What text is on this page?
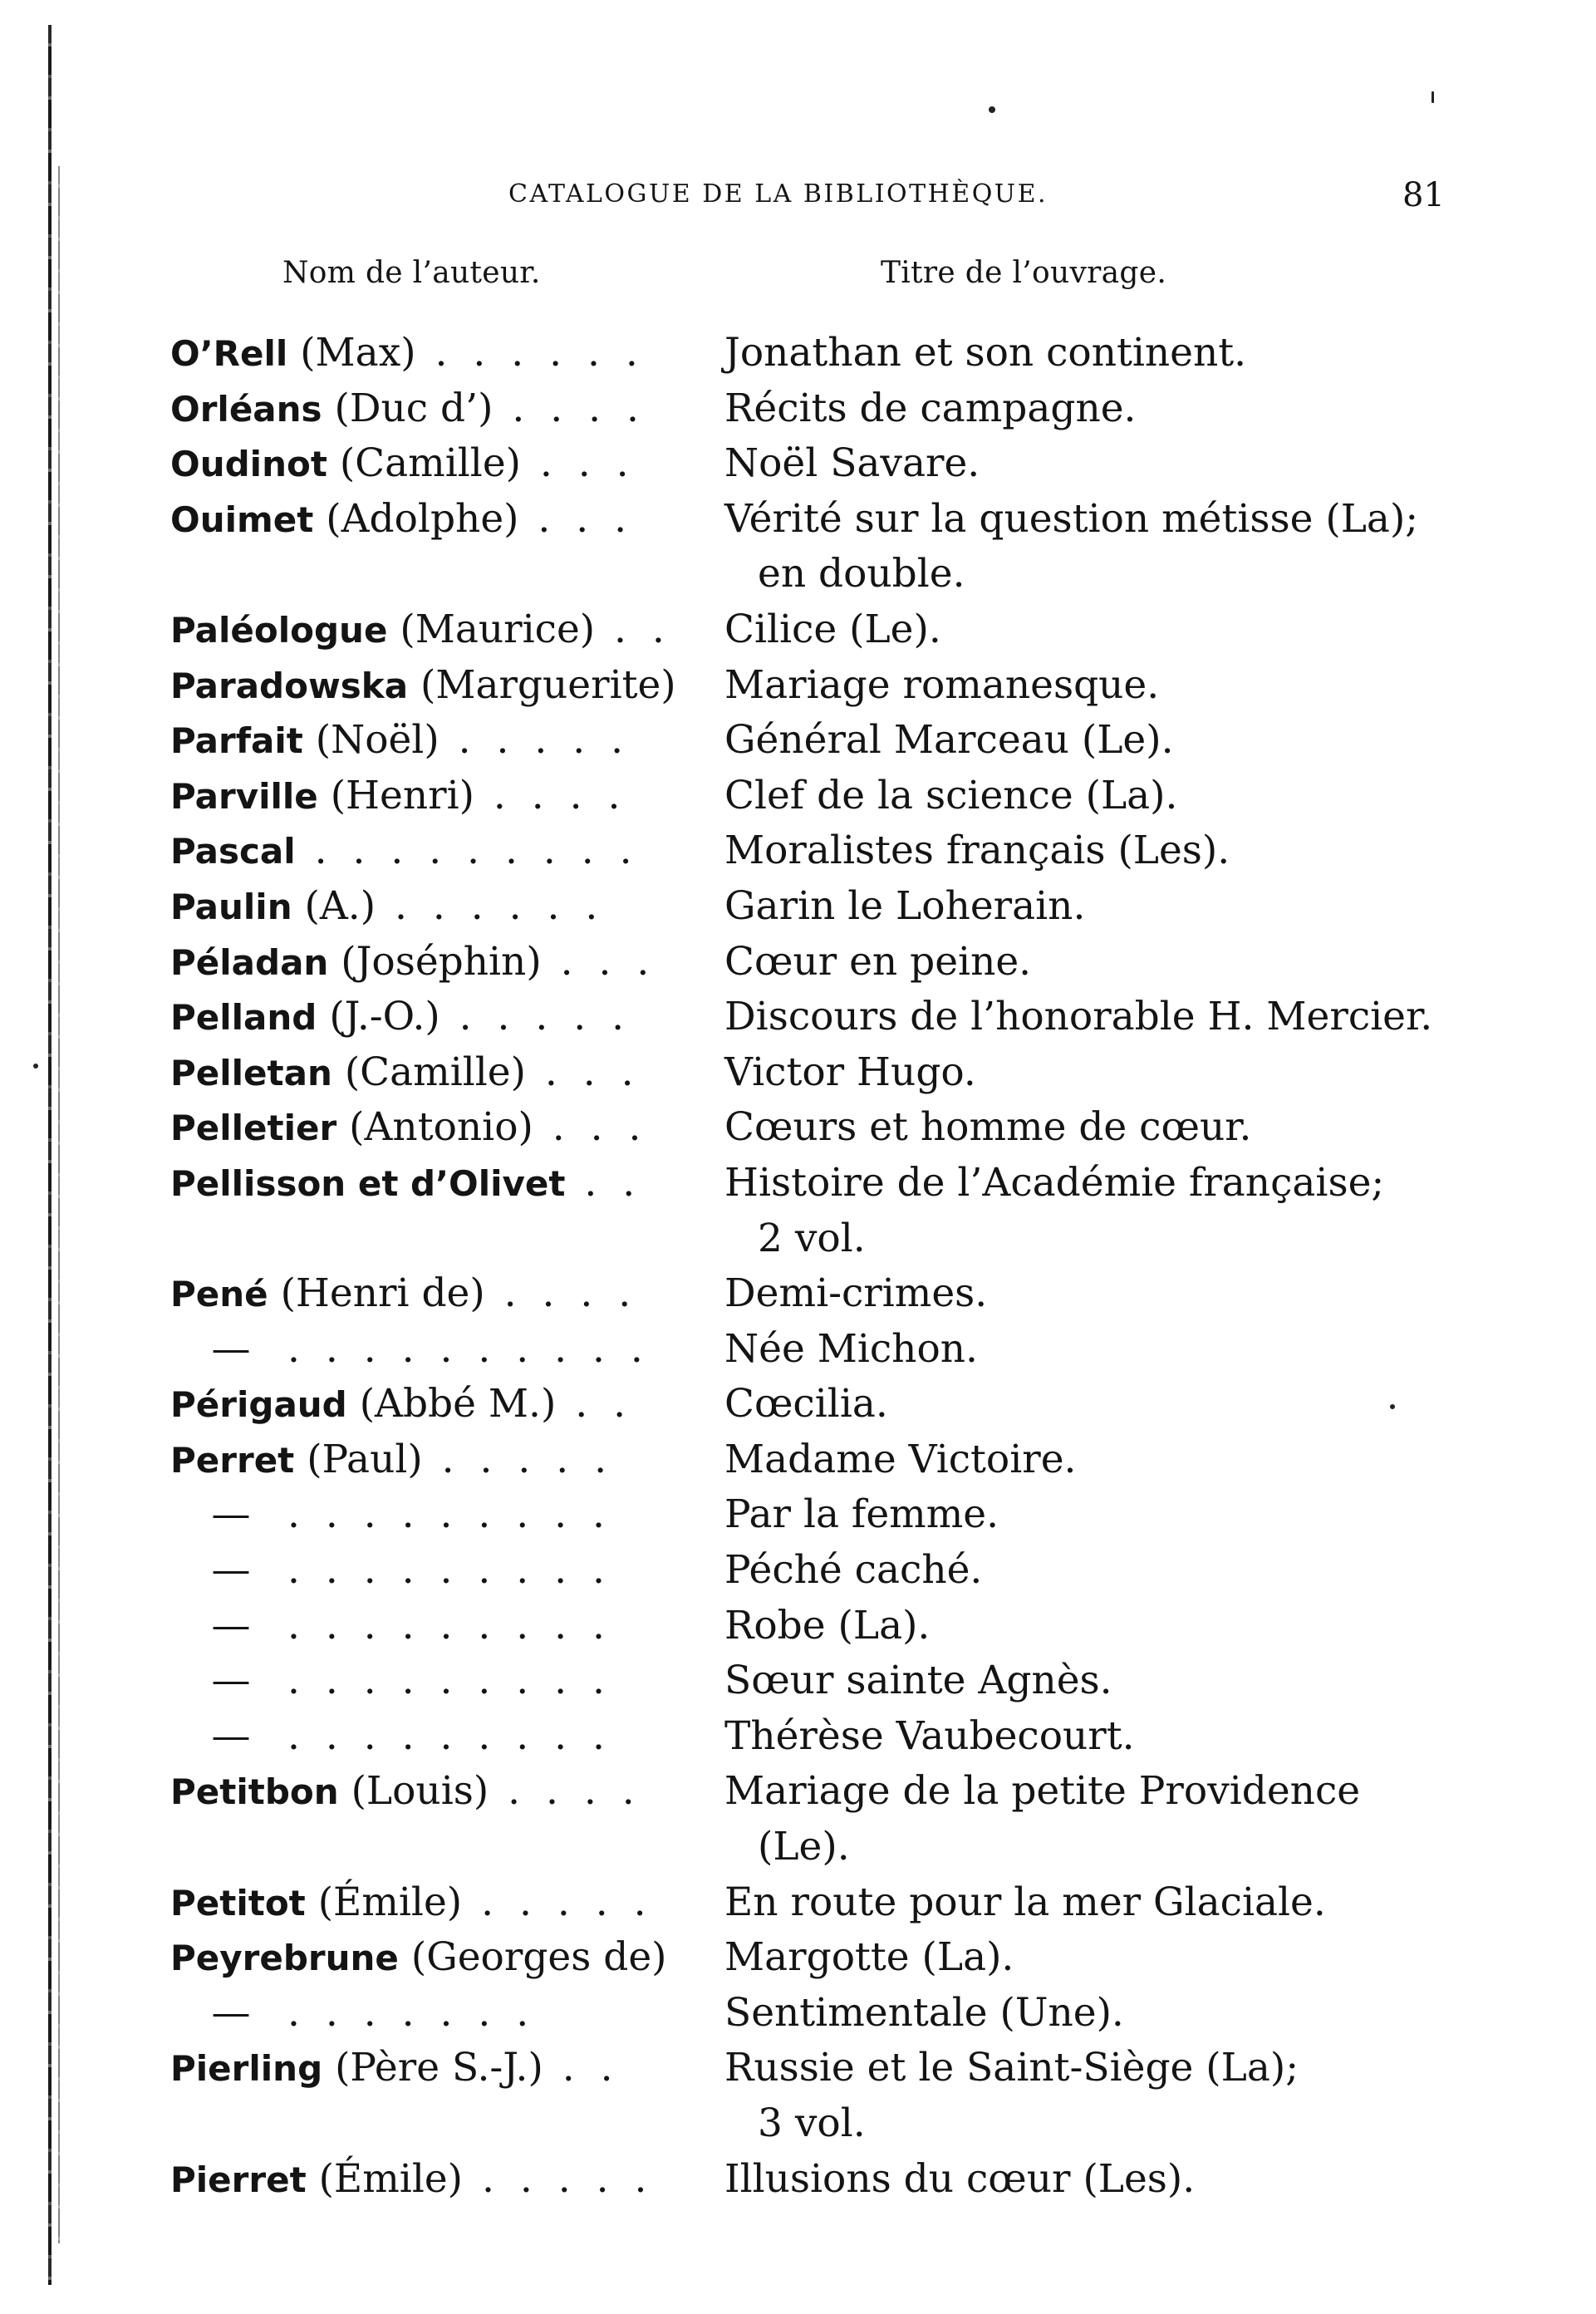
CATALOGUE DE LA BIBLIOTHÈQUE.	81
Nom de l’auteur.	Titre de l’ouvrage.
O’Rell (Max) . . . . . .	Jonathan et son continent.
Orléans (Duc d’) . . . .	Récits de campagne.
Oudinot (Camille) . . .	Noël Savare.
Ouimet (Adolphe) . . .	Vérité sur la question métisse (La);
en double.
Paléologue (Maurice) . .	Cilice (Le).
Paradowska (Marguerite)	Mariage romanesque.
Parfait (Noël) . . . . .	Général Marceau (Le).
Parville (Henri) . . . .	Clef de la science (La).
Pascal . . . . . . . . .	Moralistes français (Les).
Paulin (A.) . . . . . .	Garin le Loherain.
Péladan (Joséphin) . . .	Cœur en peine.
Pelland (J.-O.) . . . . .	Discours de l’honorable H. Mercier.
Pelletan (Camille) . . .	Victor Hugo.
Pelletier (Antonio) . . .	Cœurs et homme de cœur.
Pellisson et d’Olivet . .	Histoire de l’Académie française;
2 vol.
Pené (Henri de) . . . .	Demi-crimes.
— . . . . . . . . . .	Née Michon.
Périgaud (Abbé M.) . .	Cœcilia.
Perret (Paul) . . . . .	Madame Victoire.
— . . . . . . . . .	Par la femme.
— . . . . . . . . .	Péché caché.
— . . . . . . . . .	Robe (La).
— . . . . . . . . .	Sœur sainte Agnès.
— . . . . . . . . .	Thérèse Vaubecourt.
Petitbon (Louis) . . . .	Mariage de la petite Providence
(Le).
Petitot (Émile) . . . . .	En route pour la mer Glaciale.
Peyrebrune (Georges de)	Margotte (La).
— . . . . . . .	Sentimentale (Une).
Pierling (Père S.-J.) . .	Russie et le Saint-Siège (La);
3 vol.
Pierret (Émile) . . . . .	Illusions du cœur (Les).
